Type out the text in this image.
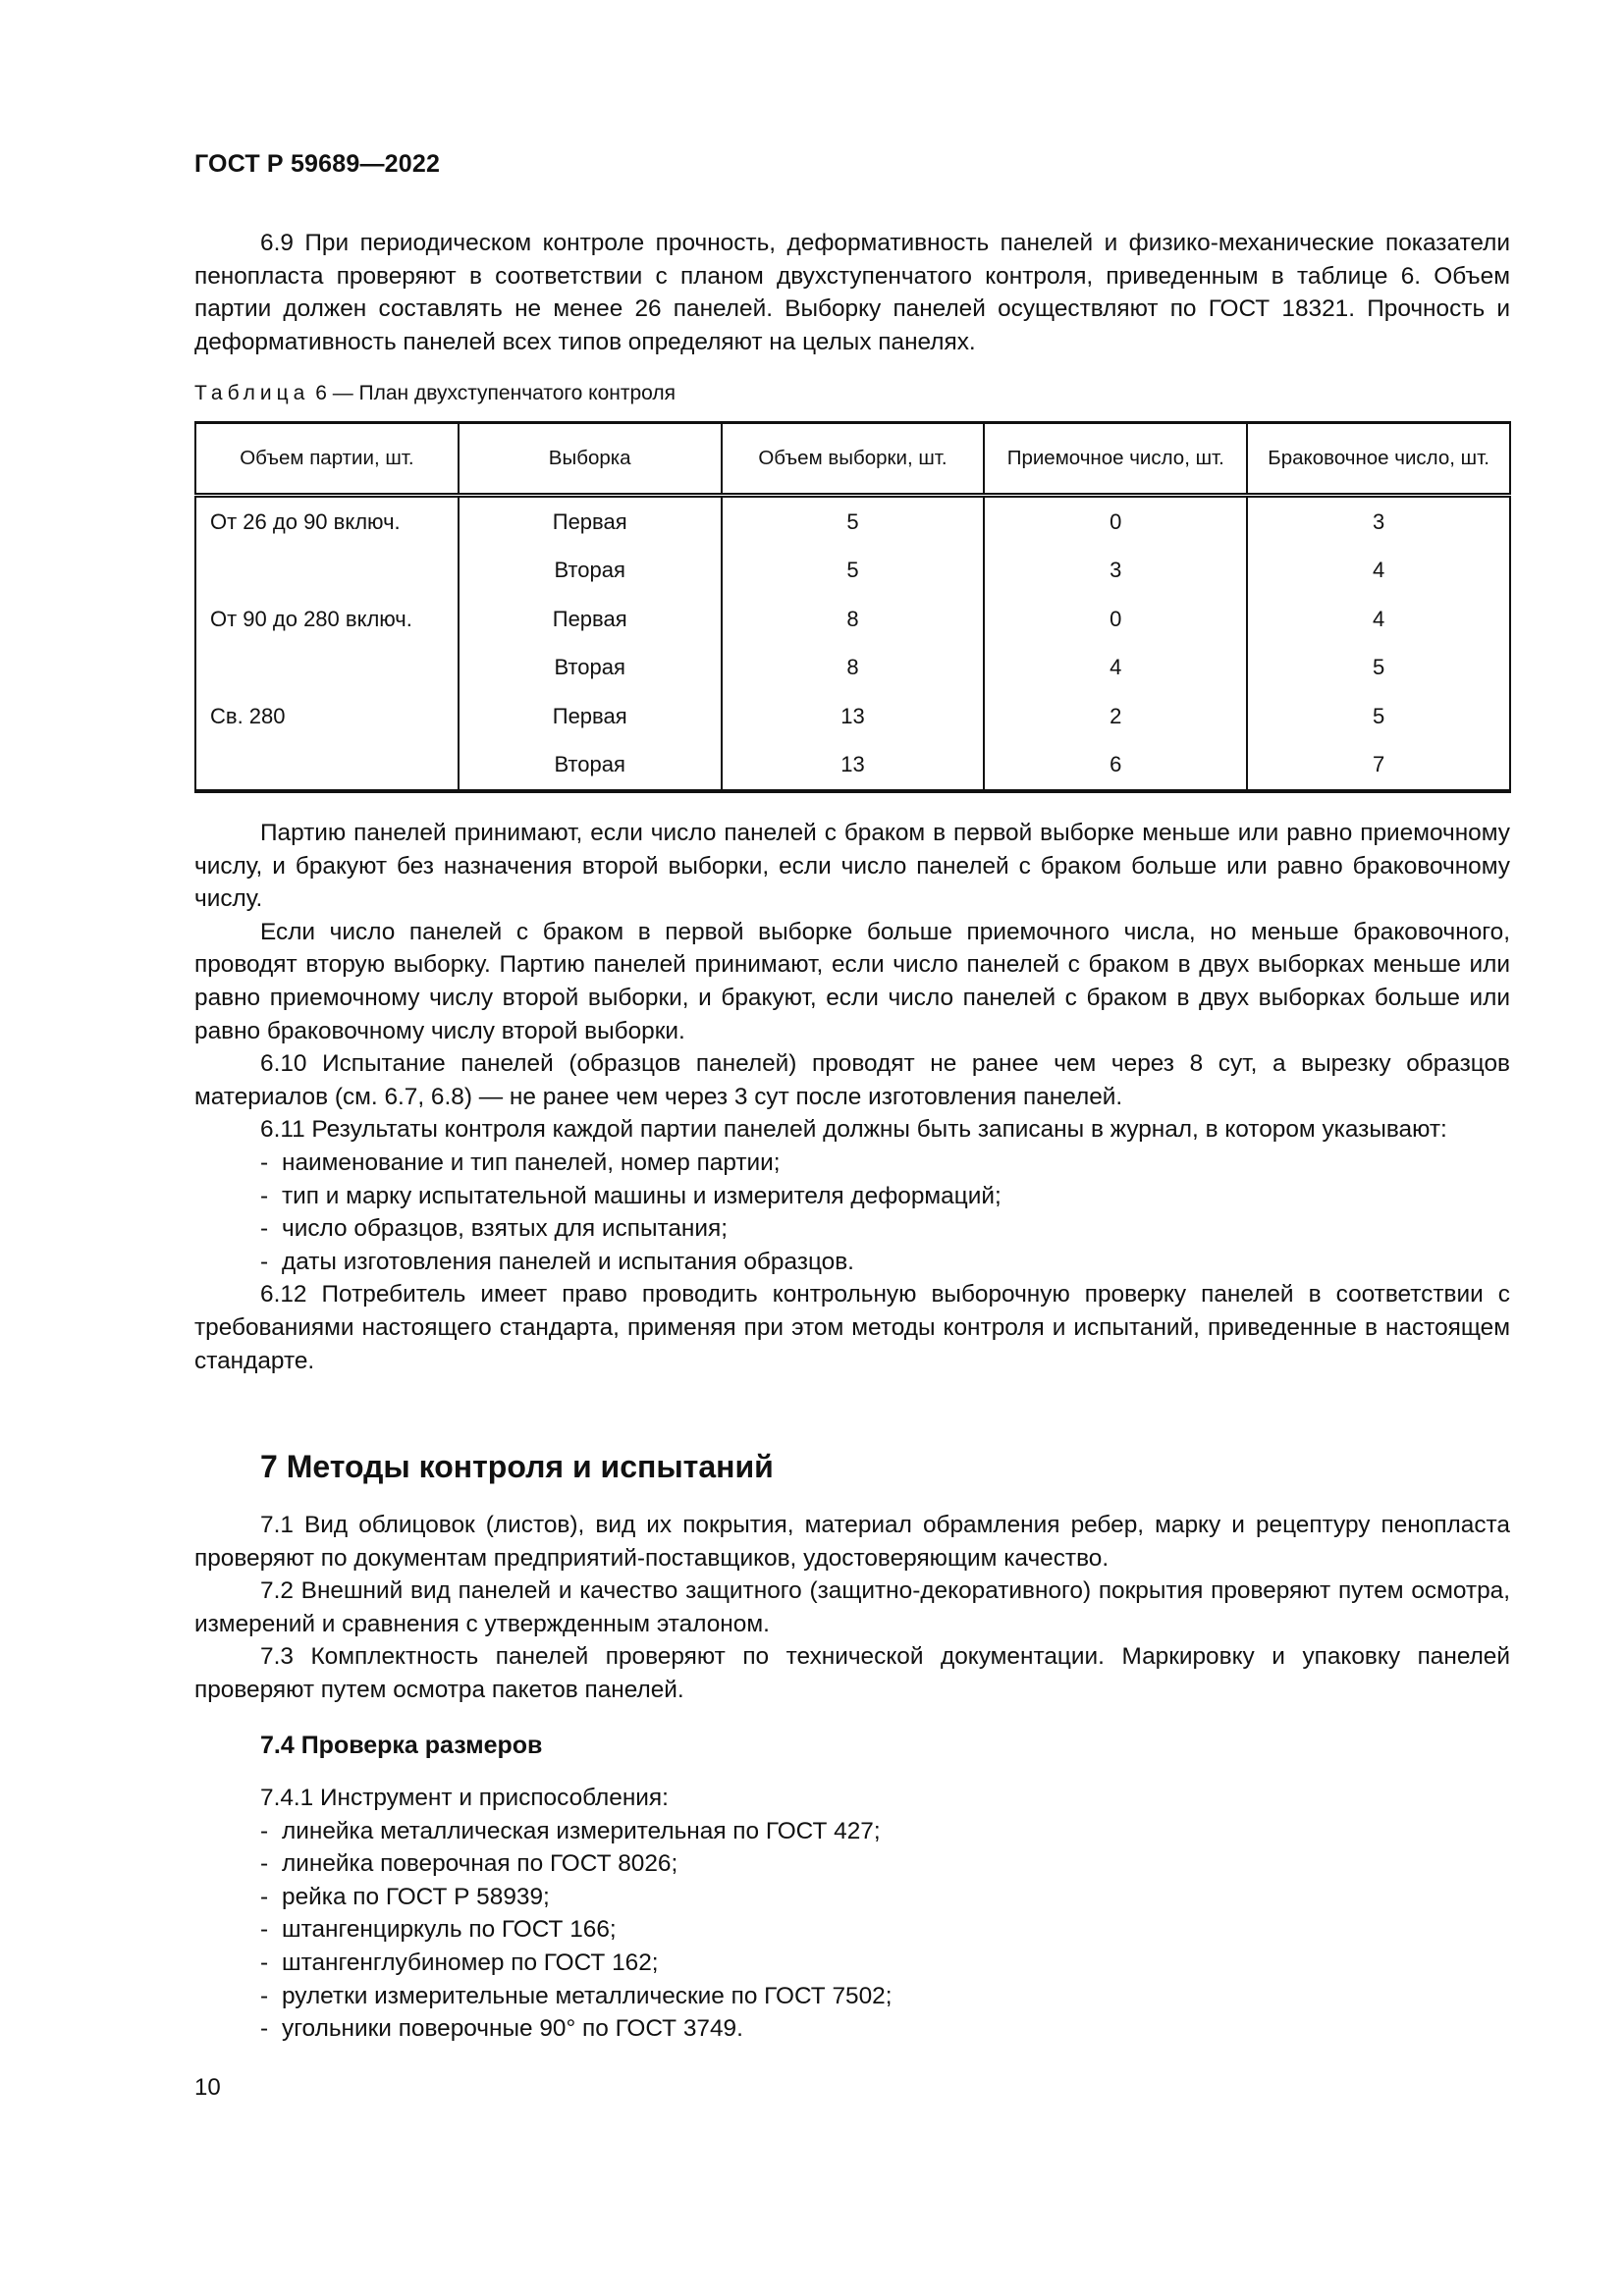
ГОСТ Р 59689—2022

6.9 При периодическом контроле прочность, деформативность панелей и физико-механические показатели пенопласта проверяют в соответствии с планом двухступенчатого контроля, приведенным в таблице 6. Объем партии должен составлять не менее 26 панелей. Выборку панелей осуществляют по ГОСТ 18321. Прочность и деформативность панелей всех типов определяют на целых панелях.

Таблица 6 — План двухступенчатого контроля
Объем партии, шт.	Выборка	Объем выборки, шт.	Приемочное число, шт.	Браковочное число, шт.
От 26 до 90 включ.	Первая	5	0	3
	Вторая	5	3	4
От 90 до 280 включ.	Первая	8	0	4
	Вторая	8	4	5
Св. 280	Первая	13	2	5
	Вторая	13	6	7

Партию панелей принимают, если число панелей с браком в первой выборке меньше или равно приемочному числу, и бракуют без назначения второй выборки, если число панелей с браком больше или равно браковочному числу.

Если число панелей с браком в первой выборке больше приемочного числа, но меньше браковочного, проводят вторую выборку. Партию панелей принимают, если число панелей с браком в двух выборках меньше или равно приемочному числу второй выборки, и бракуют, если число панелей с браком в двух выборках больше или равно браковочному числу второй выборки.

6.10 Испытание панелей (образцов панелей) проводят не ранее чем через 8 сут, а вырезку образцов материалов (см. 6.7, 6.8) — не ранее чем через 3 сут после изготовления панелей.

6.11 Результаты контроля каждой партии панелей должны быть записаны в журнал, в котором указывают:

- наименование и тип панелей, номер партии;
- тип и марку испытательной машины и измерителя деформаций;
- число образцов, взятых для испытания;
- даты изготовления панелей и испытания образцов.

6.12 Потребитель имеет право проводить контрольную выборочную проверку панелей в соответствии с требованиями настоящего стандарта, применяя при этом методы контроля и испытаний, приведенные в настоящем стандарте.

7 Методы контроля и испытаний

7.1 Вид облицовок (листов), вид их покрытия, материал обрамления ребер, марку и рецептуру пенопласта проверяют по документам предприятий-поставщиков, удостоверяющим качество.

7.2 Внешний вид панелей и качество защитного (защитно-декоративного) покрытия проверяют путем осмотра, измерений и сравнения с утвержденным эталоном.

7.3 Комплектность панелей проверяют по технической документации. Маркировку и упаковку панелей проверяют путем осмотра пакетов панелей.

7.4 Проверка размеров
7.4.1 Инструмент и приспособления:
- линейка металлическая измерительная по ГОСТ 427;
- линейка поверочная по ГОСТ 8026;
- рейка по ГОСТ Р 58939;
- штангенциркуль по ГОСТ 166;
- штангенглубиномер по ГОСТ 162;
- рулетки измерительные металлические по ГОСТ 7502;
- угольники поверочные 90° по ГОСТ 3749.
10
